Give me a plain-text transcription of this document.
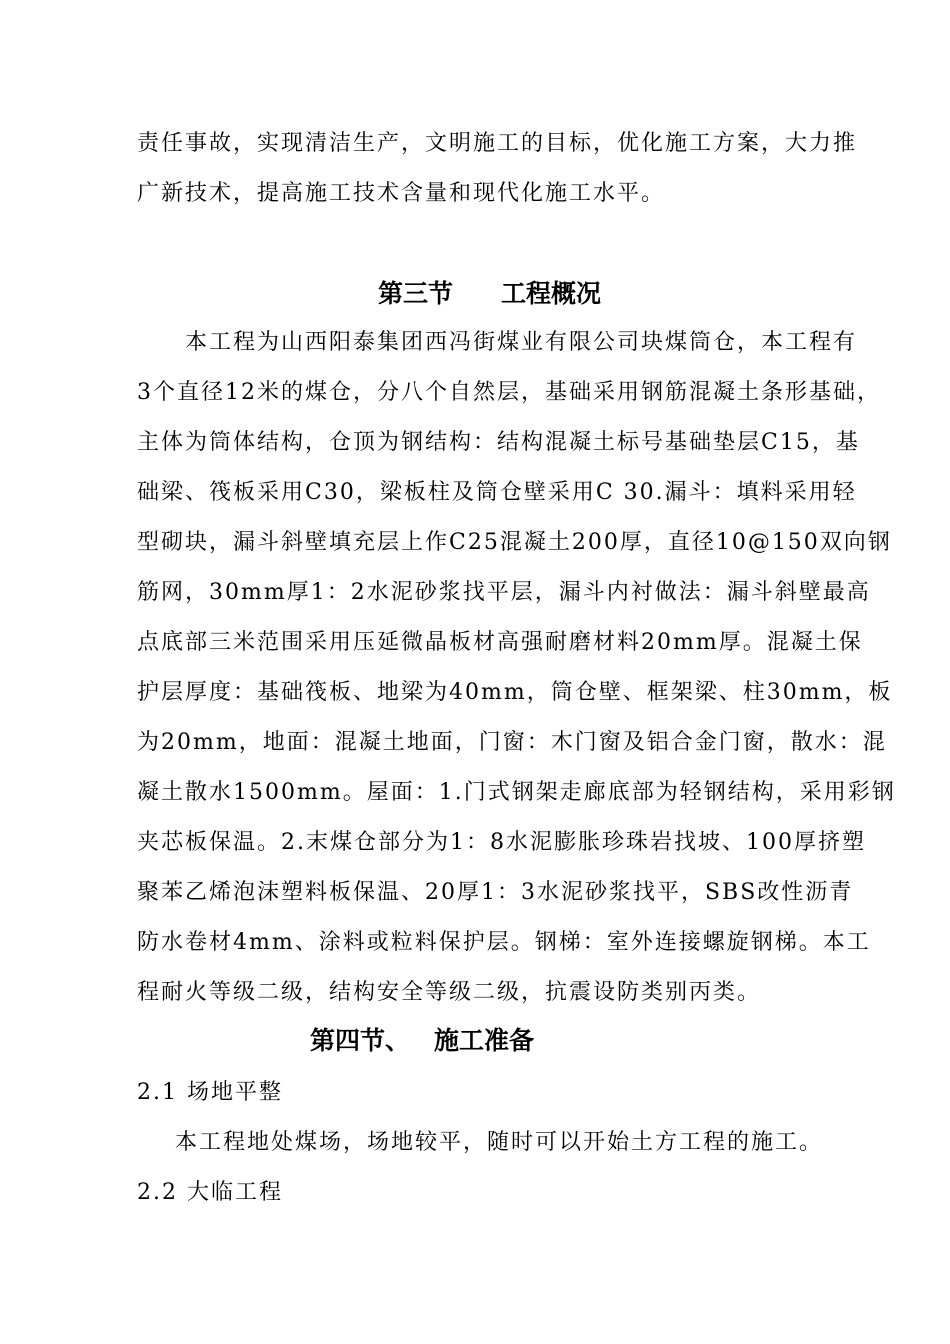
责任事故，实现清洁生产，文明施工的目标，优化施工方案，大力推
广新技术，提高施工技术含量和现代化施工水平。
第三节 工程概况
本工程为山西阳泰集团西冯街煤业有限公司块煤筒仓，本工程有
3个直径12米的煤仓，分八个自然层，基础采用钢筋混凝土条形基础，
主体为筒体结构，仓顶为钢结构：结构混凝土标号基础垫层C15，基
础梁、筏板采用C30，梁板柱及筒仓壁采用C 30.漏斗：填料采用轻
型砌块，漏斗斜壁填充层上作C25混凝土200厚，直径10@150双向钢
筋网，30mm厚1：2水泥砂浆找平层，漏斗内衬做法：漏斗斜壁最高
点底部三米范围采用压延微晶板材高强耐磨材料20mm厚。混凝土保
护层厚度：基础筏板、地梁为40mm，筒仓壁、框架梁、柱30mm，板
为20mm，地面：混凝土地面，门窗：木门窗及铝合金门窗，散水：混
凝土散水1500mm。屋面：1.门式钢架走廊底部为轻钢结构，采用彩钢
夹芯板保温。2.末煤仓部分为1：8水泥膨胀珍珠岩找坡、100厚挤塑
聚苯乙烯泡沫塑料板保温、20厚1：3水泥砂浆找平，SBS改性沥青
防水卷材4mm、涂料或粒料保护层。钢梯：室外连接螺旋钢梯。本工
程耐火等级二级，结构安全等级二级，抗震设防类别丙类。
第四节、 施工准备
2.1 场地平整
本工程地处煤场，场地较平，随时可以开始土方工程的施工。
2.2 大临工程
